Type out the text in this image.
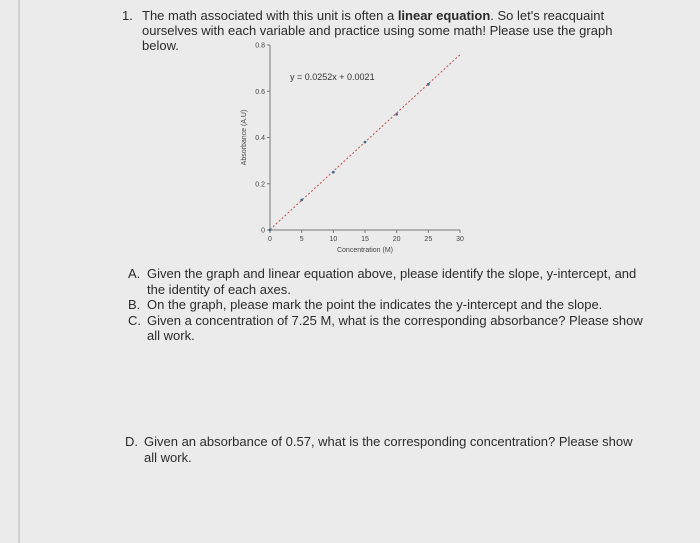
1. The math associated with this unit is often a linear equation. So let's reacquaint ourselves with each variable and practice using some math! Please use the graph below.
0
0.2
0.4
0.6
0.8
0	5	10	15	20	25	30
Concentration (M)
Absorbance (A.U)
y = 0.0252x + 0.0021
A. Given the graph and linear equation above, please identify the slope, y-intercept, and the identity of each axes.
B. On the graph, please mark the point the indicates the y-intercept and the slope.
C. Given a concentration of 7.25 M, what is the corresponding absorbance? Please show all work.
D. Given an absorbance of 0.57, what is the corresponding concentration? Please show all work.
